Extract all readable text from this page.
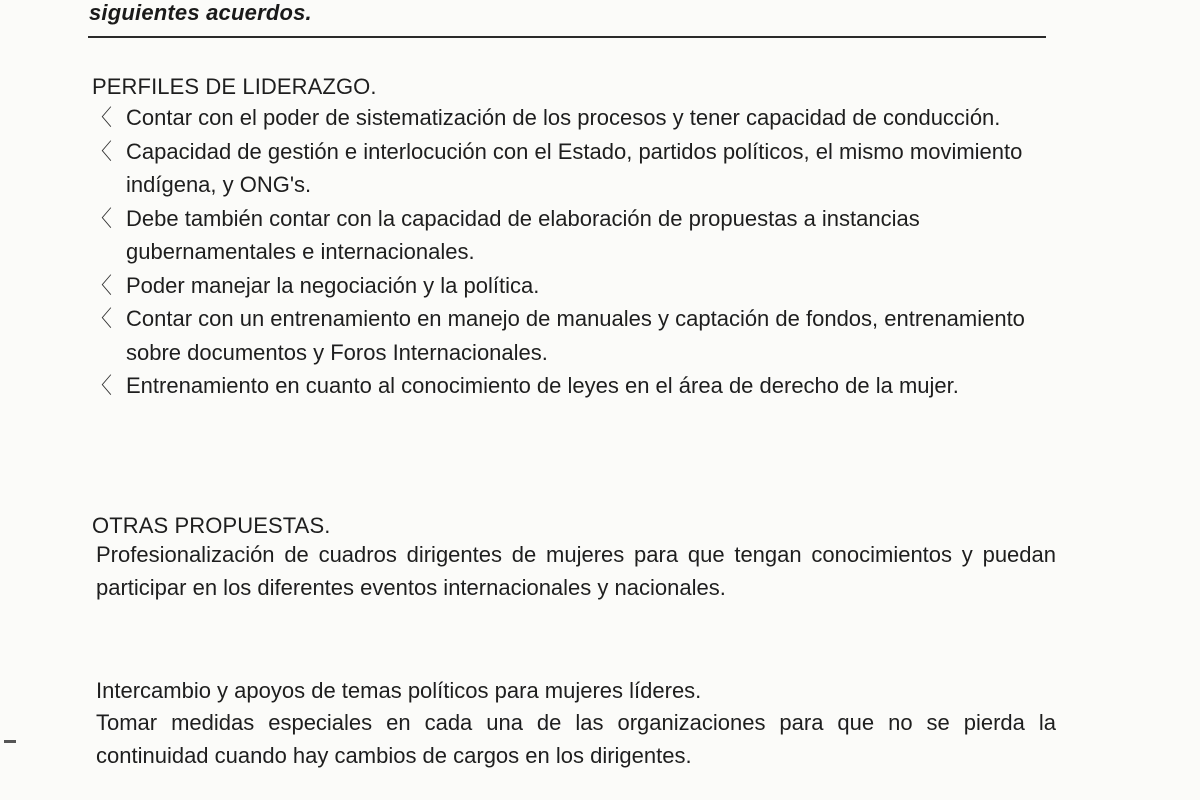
siguientes acuerdos.
PERFILES DE LIDERAZGO.
〈 Contar con el poder de sistematización de los procesos y tener capacidad de conducción.
〈 Capacidad de gestión e interlocución con el Estado, partidos políticos, el mismo movimiento indígena, y ONG's.
〈 Debe también contar con la capacidad de elaboración de propuestas a instancias gubernamentales e internacionales.
〈 Poder manejar la negociación y la política.
〈 Contar con un entrenamiento en manejo de manuales y captación de fondos, entrenamiento sobre documentos y Foros Internacionales.
〈 Entrenamiento en cuanto al conocimiento de leyes en el área de derecho de la mujer.
OTRAS PROPUESTAS.

Profesionalización de cuadros dirigentes de mujeres para que tengan conocimientos y puedan participar en los diferentes eventos internacionales y nacionales.

Intercambio y apoyos de temas políticos para mujeres líderes.

Tomar medidas especiales en cada una de las organizaciones para que no se pierda la continuidad cuando hay cambios de cargos en los dirigentes.
